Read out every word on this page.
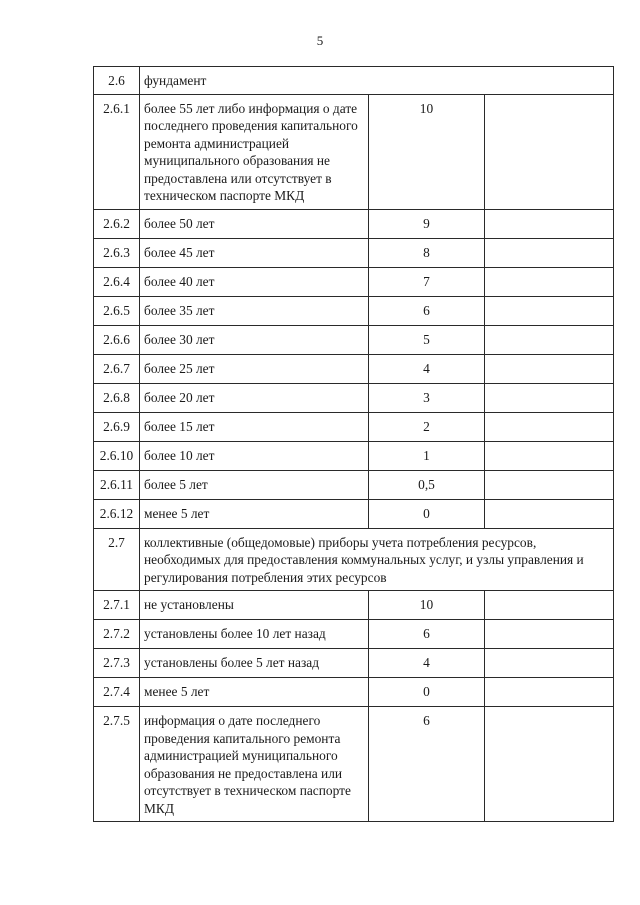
5
2.6	фундамент		
2.6.1	более 55 лет либо информация о дате последнего проведения капитального ремонта администрацией муниципального образования не предоставлена или отсутствует в техническом паспорте МКД	10	
2.6.2	более 50 лет	9	
2.6.3	более 45 лет	8	
2.6.4	более 40 лет	7	
2.6.5	более 35 лет	6	
2.6.6	более 30 лет	5	
2.6.7	более 25 лет	4	
2.6.8	более 20 лет	3	
2.6.9	более 15 лет	2	
2.6.10	более 10 лет	1	
2.6.11	более 5 лет	0,5	
2.6.12	менее 5 лет	0	
2.7	коллективные (общедомовые) приборы учета потребления ресурсов, необходимых для предоставления коммунальных услуг, и узлы управления и регулирования потребления этих ресурсов		
2.7.1	не установлены	10	
2.7.2	установлены более 10 лет назад	6	
2.7.3	установлены более 5 лет назад	4	
2.7.4	менее 5 лет	0	
2.7.5	информация о дате последнего проведения капитального ремонта администрацией муниципального образования не предоставлена или отсутствует в техническом паспорте МКД	6	
